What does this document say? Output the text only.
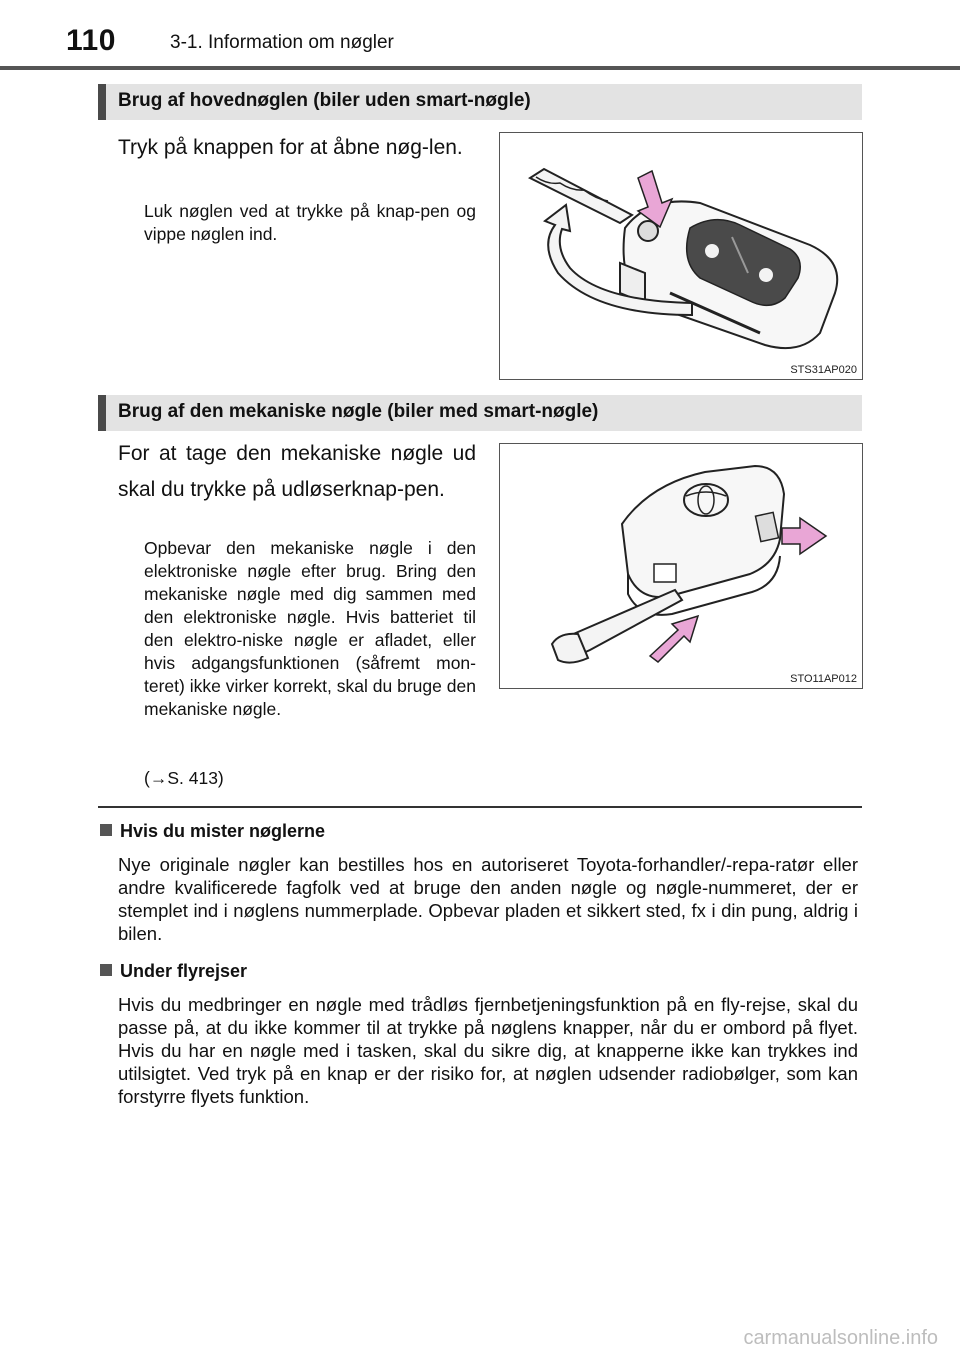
110	3-1. Information om nøgler
Brug af hovednøglen (biler uden smart-nøgle)
Tryk på knappen for at åbne nøg-len.
Luk nøglen ved at trykke på knap-pen og vippe nøglen ind.
STS31AP020
Brug af den mekaniske nøgle (biler med smart-nøgle)
For at tage den mekaniske nøgle ud skal du trykke på udløserknap-pen.
Opbevar den mekaniske nøgle i den elektroniske nøgle efter brug. Bring den mekaniske nøgle med dig sammen med den elektroniske nøgle. Hvis batteriet til den elektro-niske nøgle er afladet, eller hvis adgangsfunktionen (såfremt mon-teret) ikke virker korrekt, skal du bruge den mekaniske nøgle.
(→S. 413)
STO11AP012
Hvis du mister nøglerne
Nye originale nøgler kan bestilles hos en autoriseret Toyota-forhandler/-repa-ratør eller andre kvalificerede fagfolk ved at bruge den anden nøgle og nøgle-nummeret, der er stemplet ind i nøglens nummerplade. Opbevar pladen et sikkert sted, fx i din pung, aldrig i bilen.
Under flyrejser
Hvis du medbringer en nøgle med trådløs fjernbetjeningsfunktion på en fly-rejse, skal du passe på, at du ikke kommer til at trykke på nøglens knapper, når du er ombord på flyet. Hvis du har en nøgle med i tasken, skal du sikre dig, at knapperne ikke kan trykkes ind utilsigtet. Ved tryk på en knap er der risiko for, at nøglen udsender radiobølger, som kan forstyrre flyets funktion.
carmanualsonline.info
